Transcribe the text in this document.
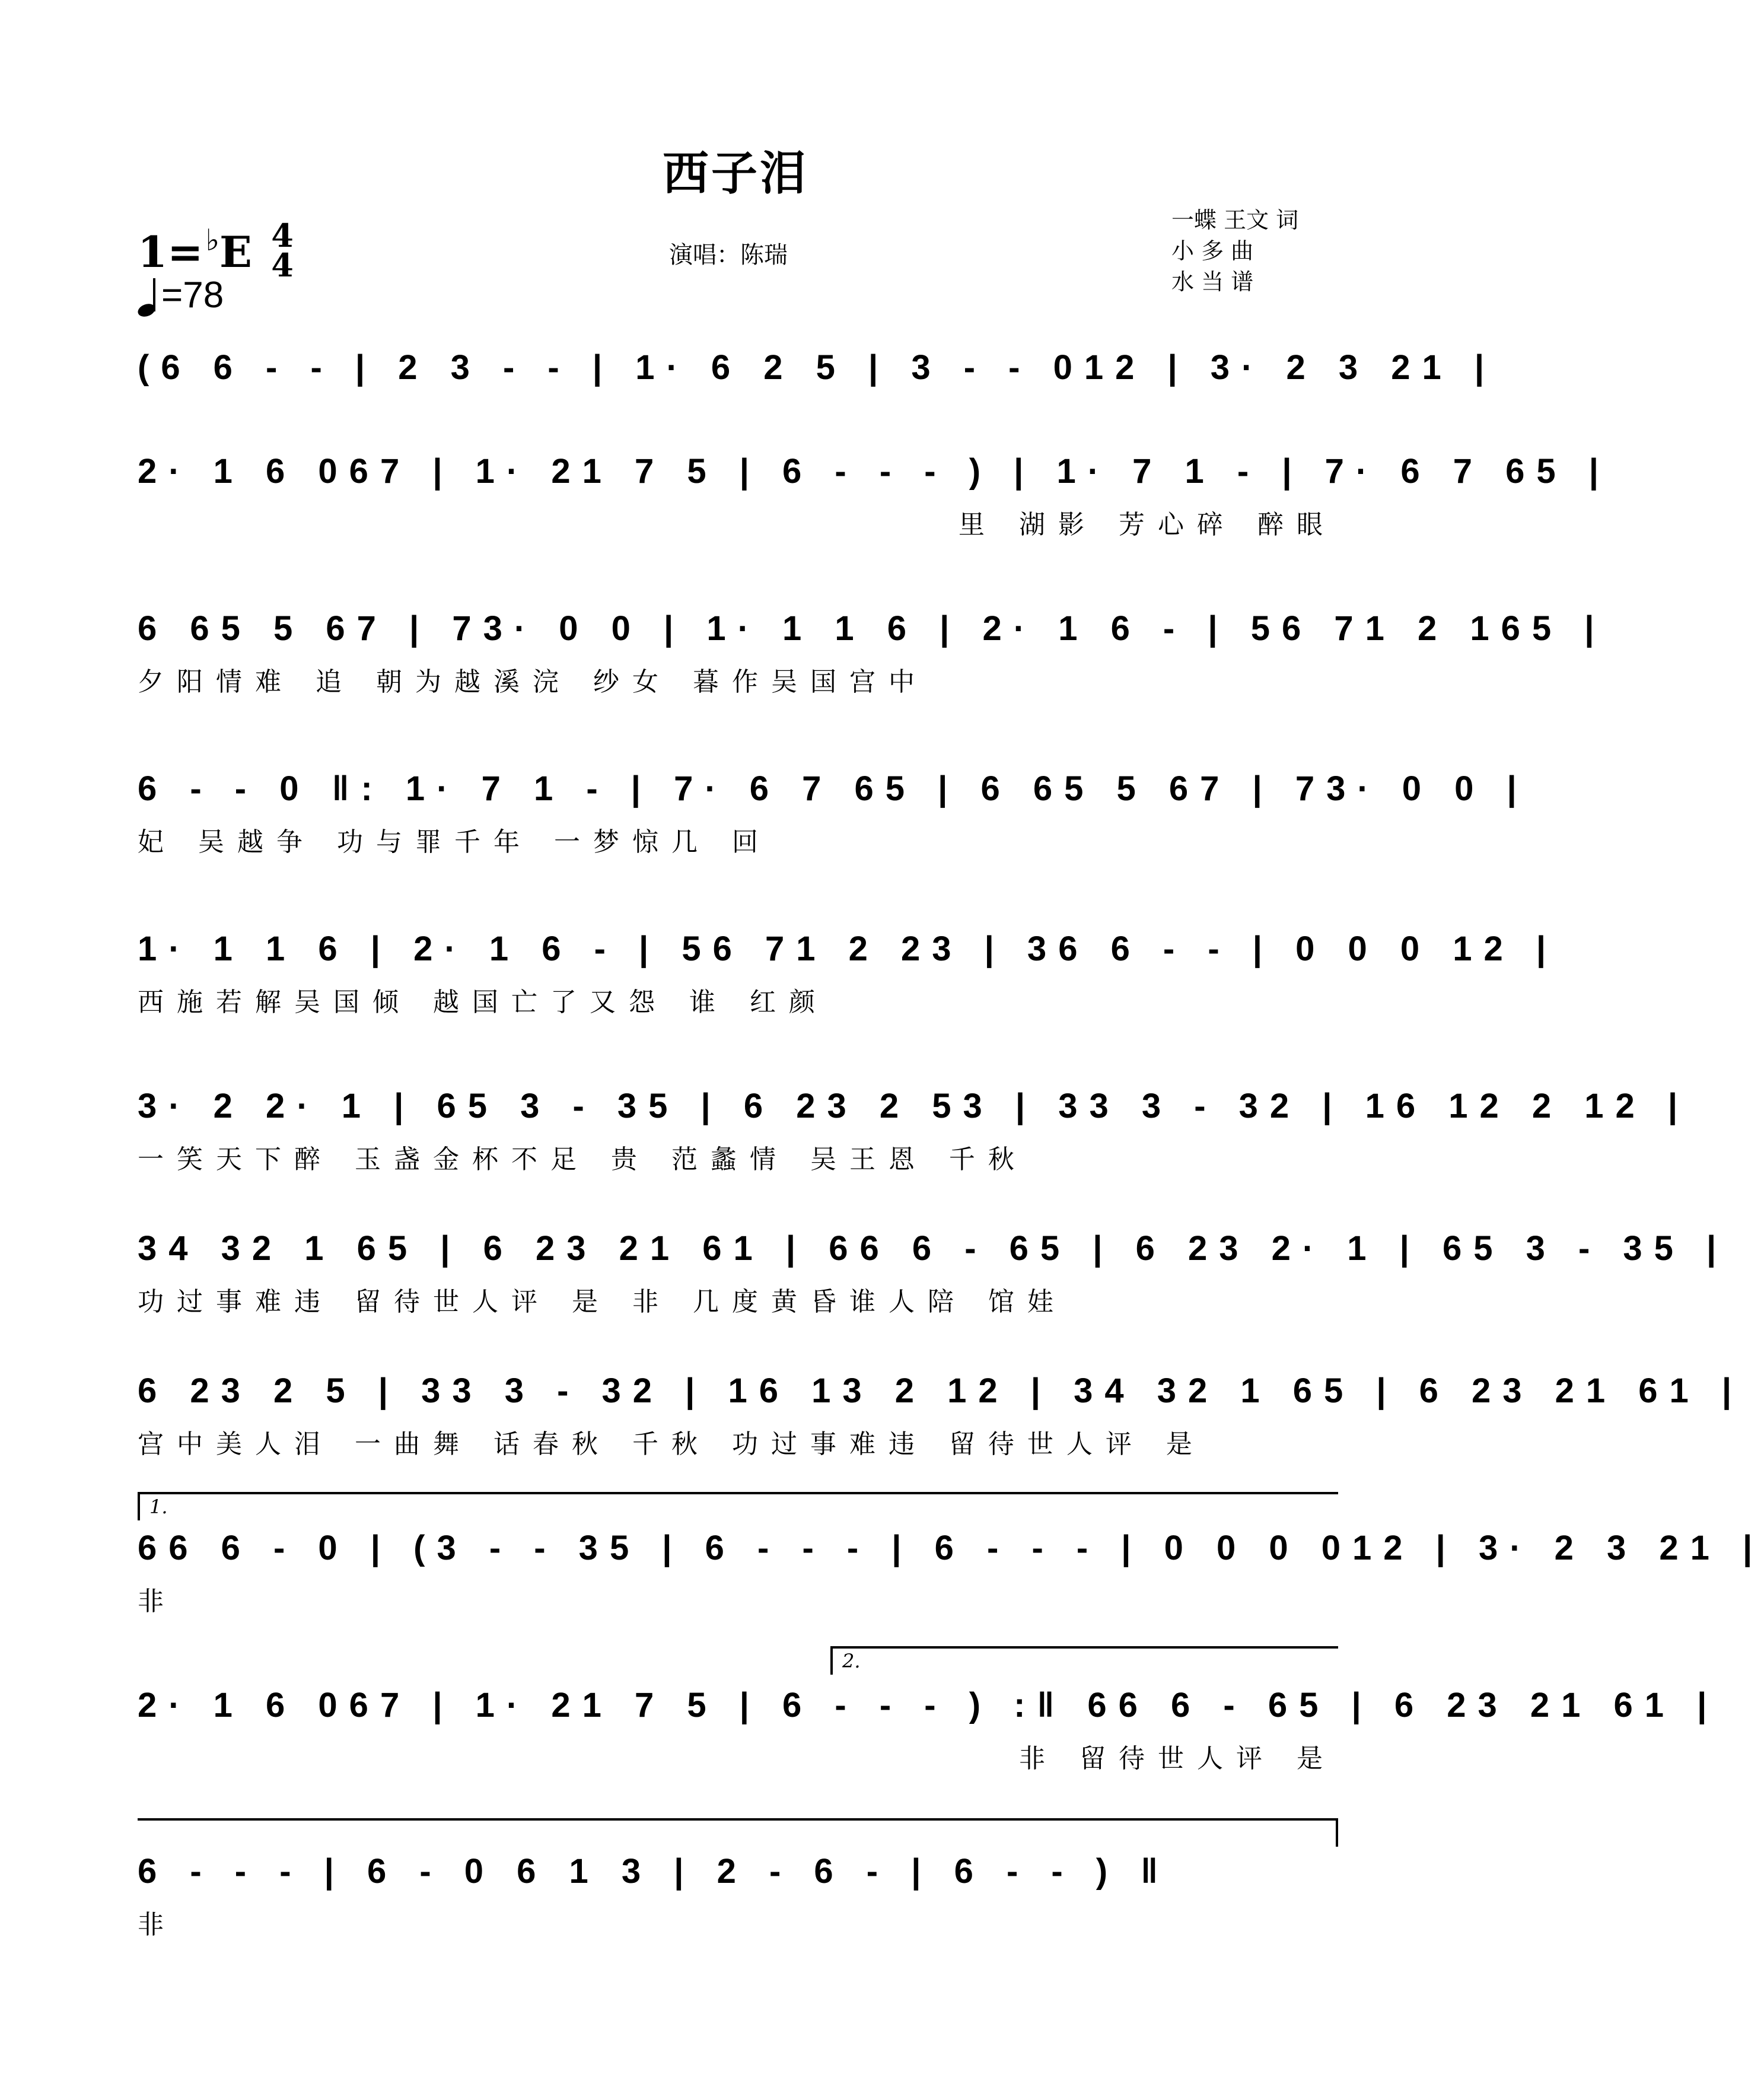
西子泪
1=♭E 4
4
=78
演唱：陈瑞
一蝶 王文 词
小 多 曲
水 当 谱
(6 6 - - | 2 3 - - | 1· 6 2 5 | 3 - - 012 | 3· 2 3 21 |
2· 1 6 067 | 1· 21 7 5 | 6 - - - ) | 1· 7 1 - | 7· 6 7 65 |
里 湖影 芳心碎 醉眼
6 65 5 67 | 73· 0 0 | 1· 1 1 6 | 2· 1 6 - | 56 71 2 165 |
夕阳情难 追 朝为越溪浣 纱女 暮作吴国宫中
6 - - 0 ‖: 1· 7 1 - | 7· 6 7 65 | 6 65 5 67 | 73· 0 0 |
妃 吴越争 功与罪千年 一梦惊几 回
1· 1 1 6 | 2· 1 6 - | 56 71 2 23 | 36 6 - - | 0 0 0 12 |
西施若解吴国倾 越国亡了又怨 谁 红颜
3· 2 2· 1 | 65 3 - 35 | 6 23 2 53 | 33 3 - 32 | 16 12 2 12 |
一笑天下醉 玉盏金杯不足 贵 范蠡情 吴王恩 千秋
34 32 1 65 | 6 23 21 61 | 66 6 - 65 | 6 23 2· 1 | 65 3 - 35 |
功过事难违 留待世人评 是 非 几度黄昏谁人陪 馆娃
6 23 2 5 | 33 3 - 32 | 16 13 2 12 | 34 32 1 65 | 6 23 21 61 |
宫中美人泪 一曲舞 话春秋 千秋 功过事难违 留待世人评 是
1.
66 6 - 0 | (3 - - 35 | 6 - - - | 6 - - - | 0 0 0 012 | 3· 2 3 21 |
非
2.
2· 1 6 067 | 1· 21 7 5 | 6 - - - ) :‖ 66 6 - 65 | 6 23 21 61 |
非 留待世人评 是
6 - - - | 6 - 0 6 1 3 | 2 - 6 - | 6 - - ) ‖
非
